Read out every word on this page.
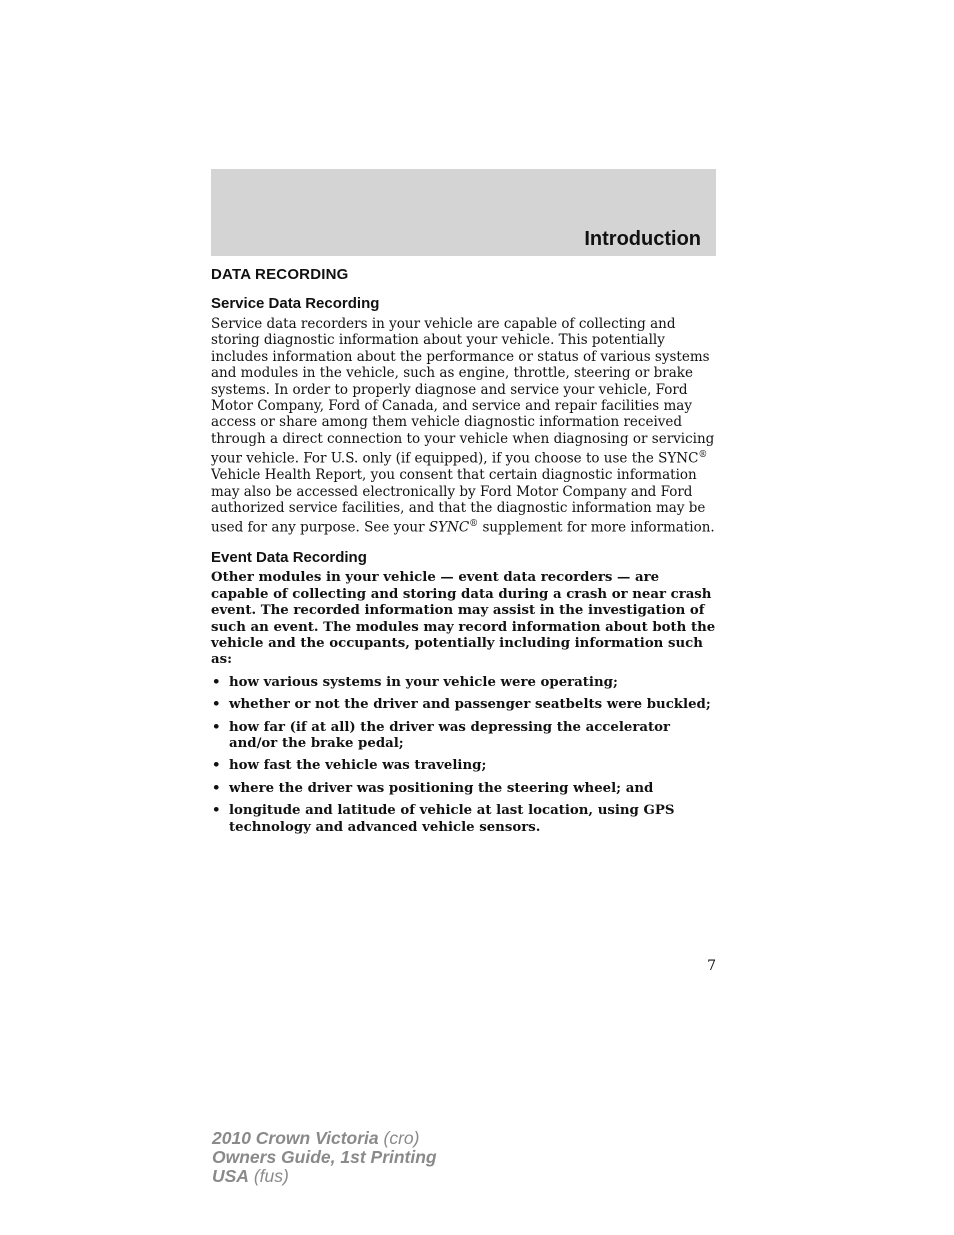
Introduction
DATA RECORDING
Service Data Recording

Service data recorders in your vehicle are capable of collecting and storing diagnostic information about your vehicle. This potentially includes information about the performance or status of various systems and modules in the vehicle, such as engine, throttle, steering or brake systems. In order to properly diagnose and service your vehicle, Ford Motor Company, Ford of Canada, and service and repair facilities may access or share among them vehicle diagnostic information received through a direct connection to your vehicle when diagnosing or servicing your vehicle. For U.S. only (if equipped), if you choose to use the SYNC® Vehicle Health Report, you consent that certain diagnostic information may also be accessed electronically by Ford Motor Company and Ford authorized service facilities, and that the diagnostic information may be used for any purpose. See your SYNC® supplement for more information.

Event Data Recording

Other modules in your vehicle — event data recorders — are capable of collecting and storing data during a crash or near crash event. The recorded information may assist in the investigation of such an event. The modules may record information about both the vehicle and the occupants, potentially including information such as:

• how various systems in your vehicle were operating;
• whether or not the driver and passenger seatbelts were buckled;
• how far (if at all) the driver was depressing the accelerator and/or the brake pedal;
• how fast the vehicle was traveling;
• where the driver was positioning the steering wheel; and
• longitude and latitude of vehicle at last location, using GPS technology and advanced vehicle sensors.
7
2010 Crown Victoria (cro)
Owners Guide, 1st Printing
USA (fus)
